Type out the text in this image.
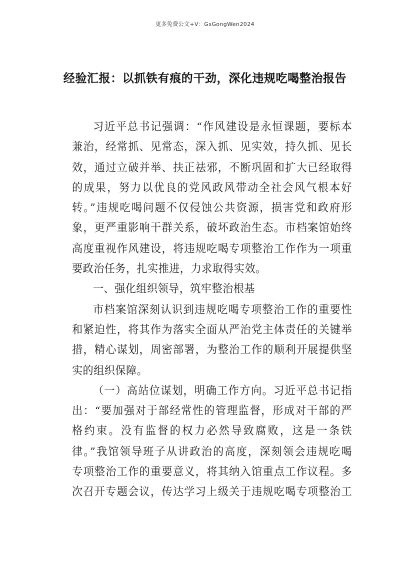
更多免费公文+V：GsGongWen2024
经验汇报：以抓铁有痕的干劲，深化违规吃喝整治报告
习近平总书记强调：“作风建设是永恒课题，要标本
兼治，经常抓、见常态，深入抓、见实效，持久抓、见长
效，通过立破并举、扶正祛邪，不断巩固和扩大已经取得
的成果，努力以优良的党风政风带动全社会风气根本好
转。”违规吃喝问题不仅侵蚀公共资源，损害党和政府形
象，更严重影响干群关系，破坏政治生态。市档案馆始终
高度重视作风建设，将违规吃喝专项整治工作作为一项重
要政治任务，扎实推进，力求取得实效。
一、强化组织领导，筑牢整治根基
市档案馆深刻认识到违规吃喝专项整治工作的重要性
和紧迫性，将其作为落实全面从严治党主体责任的关键举
措，精心谋划，周密部署，为整治工作的顺利开展提供坚
实的组织保障。
（一）高站位谋划，明确工作方向。习近平总书记指
出：“要加强对于部经常性的管理监督，形成对干部的严
格约束。没有监督的权力必然导致腐败，这是一条铁
律。”我馆领导班子从讲政治的高度，深刻领会违规吃喝
专项整治工作的重要意义，将其纳入馆重点工作议程。多
次召开专题会议，传达学习上级关于违规吃喝专项整治工
